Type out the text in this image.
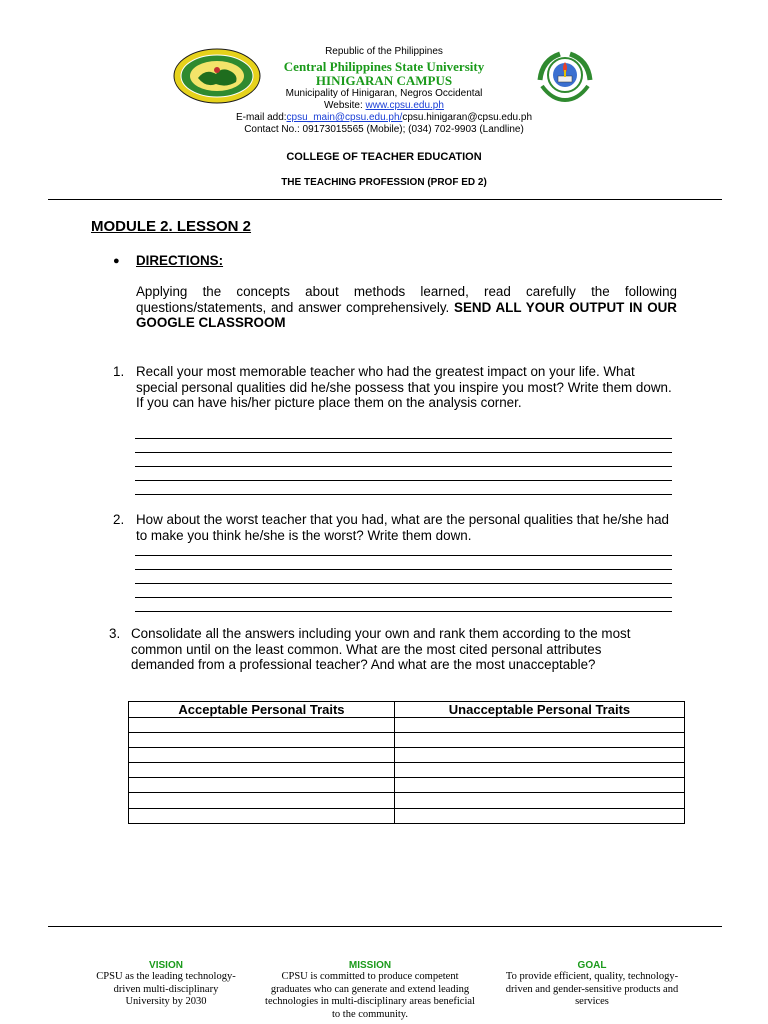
Republic of the Philippines
Central Philippines State University
HINIGARAN CAMPUS
Municipality of Hinigaran, Negros Occidental
Website: www.cpsu.edu.ph
E-mail add:cpsu_main@cpsu.edu.ph/cpsu.hinigaran@cpsu.edu.ph
Contact No.: 09173015565 (Mobile); (034) 702-9903 (Landline)
COLLEGE OF TEACHER EDUCATION
THE TEACHING PROFESSION (PROF ED 2)
MODULE 2. LESSON 2
● DIRECTIONS:
Applying the concepts about methods learned, read carefully the following questions/statements, and answer comprehensively. SEND ALL YOUR OUTPUT IN OUR GOOGLE CLASSROOM
1. Recall your most memorable teacher who had the greatest impact on your life. What special personal qualities did he/she possess that you inspire you most? Write them down. If you can have his/her picture place them on the analysis corner.
2. How about the worst teacher that you had, what are the personal qualities that he/she had to make you think he/she is the worst? Write them down.
3. Consolidate all the answers including your own and rank them according to the most common until on the least common. What are the most cited personal attributes demanded from a professional teacher? And what are the most unacceptable?
Acceptable Personal Traits	Unacceptable Personal Traits

VISION
CPSU as the leading technology-driven multi-disciplinary University by 2030
MISSION
CPSU is committed to produce competent graduates who can generate and extend leading technologies in multi-disciplinary areas beneficial to the community.
GOAL
To provide efficient, quality, technology-driven and gender-sensitive products and services
